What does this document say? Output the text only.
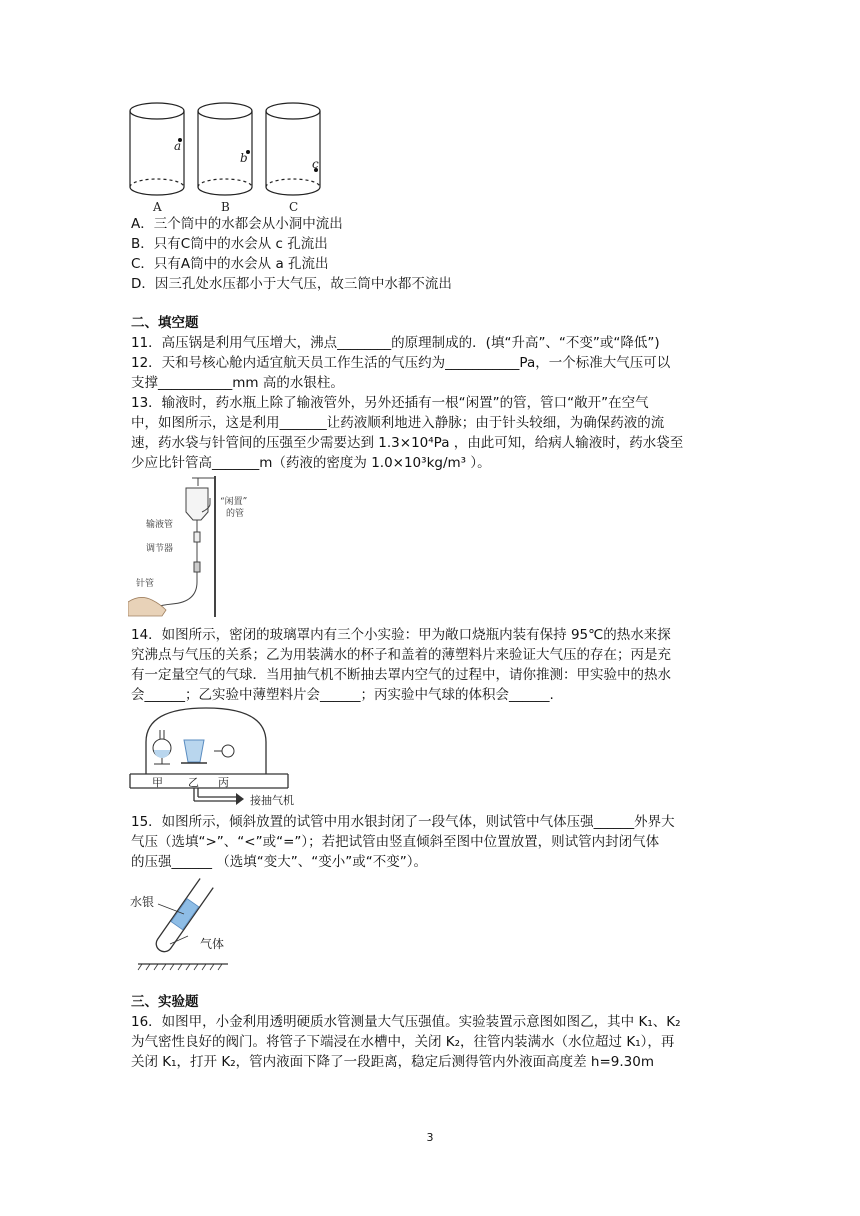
a
b	c
A	B	C
A．三个筒中的水都会从小洞中流出
B．只有C筒中的水会从 c 孔流出
C．只有A筒中的水会从 a 孔流出
D．因三孔处水压都小于大气压，故三筒中水都不流出
二、填空题
11．高压锅是利用气压增大，沸点________的原理制成的．(填“升高”、“不变”或“降低”)
12．天和号核心舱内适宜航天员工作生活的气压约为___________Pa，一个标准大气压可以
支撑___________mm 高的水银柱。
13．输液时，药水瓶上除了输液管外，另外还插有一根“闲置”的管，管口“敞开”在空气
中，如图所示，这是利用_______让药液顺利地进入静脉；由于针头较细，为确保药液的流
速，药水袋与针管间的压强至少需要达到 1.3×10⁴Pa ，由此可知，给病人输液时，药水袋至
少应比针管高_______m（药液的密度为 1.0×10³kg/m³ ）。
“闲置”
的管
输液管
调节器
针管
14．如图所示，密闭的玻璃罩内有三个小实验：甲为敞口烧瓶内装有保持 95℃的热水来探
究沸点与气压的关系；乙为用装满水的杯子和盖着的薄塑料片来验证大气压的存在；丙是充
有一定量空气的气球．当用抽气机不断抽去罩内空气的过程中，请你推测：甲实验中的热水
会______；乙实验中薄塑料片会______；丙实验中气球的体积会______.
甲 乙 丙
接抽气机
15．如图所示，倾斜放置的试管中用水银封闭了一段气体，则试管中气体压强______外界大
气压（选填“>”、“<”或“=”）；若把试管由竖直倾斜至图中位置放置，则试管内封闭气体
的压强______ （选填“变大”、“变小”或“不变”）。
水银
气体
三、实验题
16．如图甲，小金利用透明硬质水管测量大气压强值。实验装置示意图如图乙，其中 K₁、K₂
为气密性良好的阀门。将管子下端浸在水槽中，关闭 K₂，往管内装满水（水位超过 K₁），再
关闭 K₁，打开 K₂，管内液面下降了一段距离，稳定后测得管内外液面高度差 h=9.30m
3
